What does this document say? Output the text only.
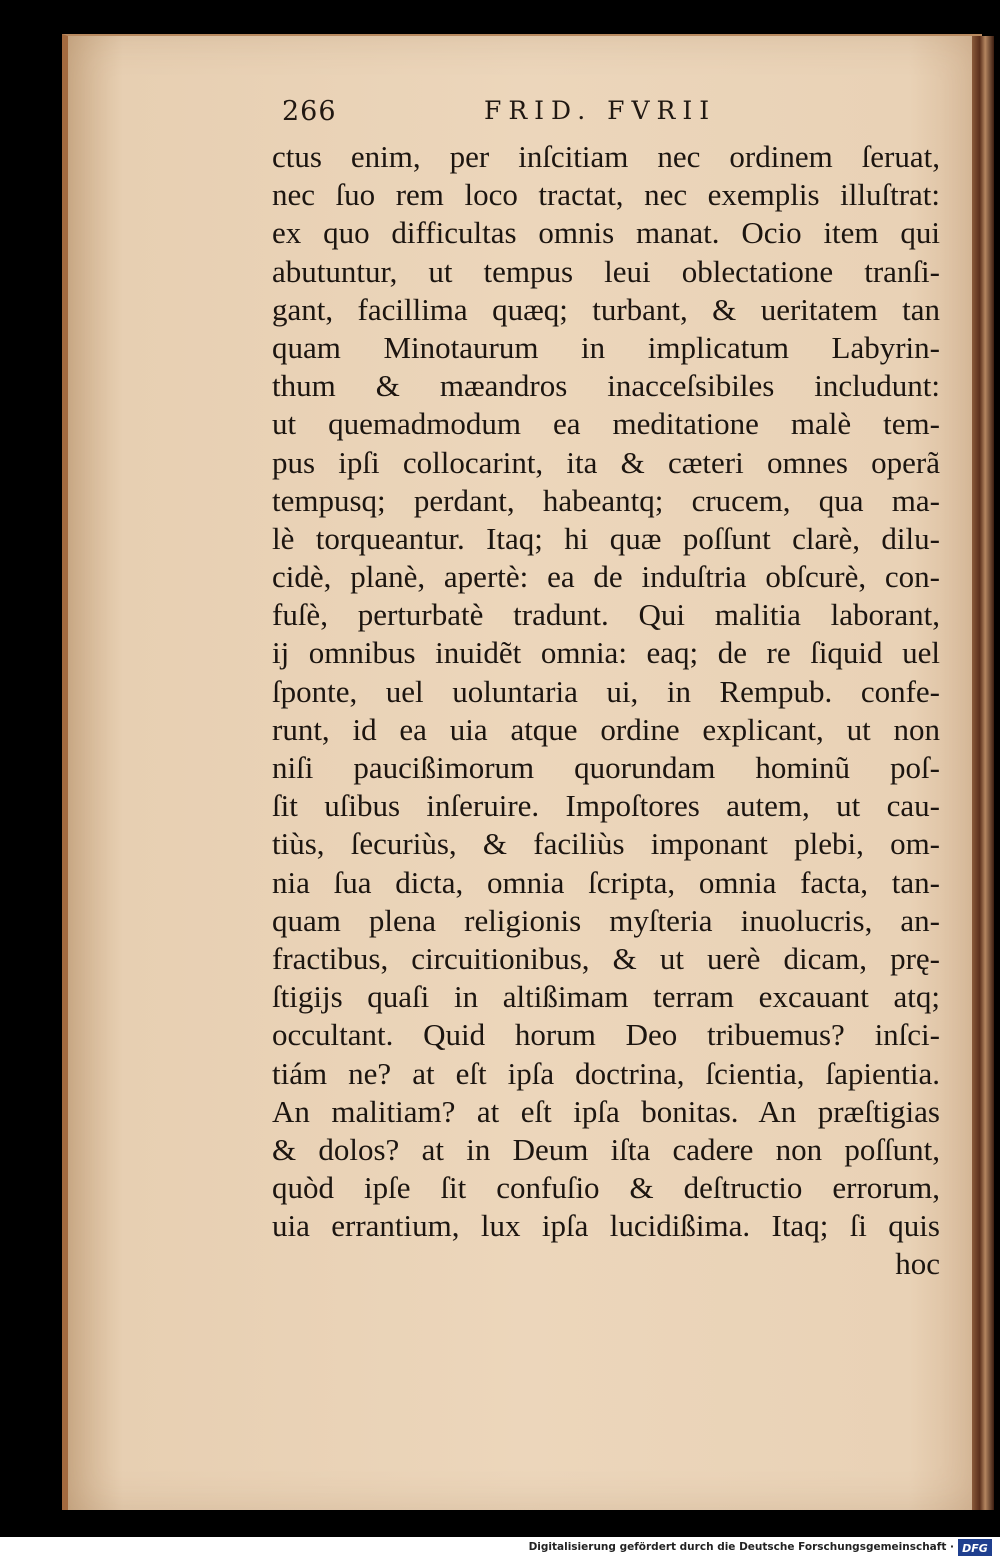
266	FRID. FVRII
ctus enim, per inſcitiam nec ordinem ſeruat,
nec ſuo rem loco tractat, nec exemplis illuſtrat:
ex quo difficultas omnis manat. Ocio item qui
abutuntur, ut tempus leui oblectatione tranſi-
gant, facillima quæq; turbant, & ueritatem tan
quam Minotaurum in implicatum Labyrin-
thum & mæandros inacceſsibiles includunt:
ut quemadmodum ea meditatione malè tem-
pus ipſi collocarint, ita & cæteri omnes operã
tempusq; perdant, habeantq; crucem, qua ma-
lè torqueantur. Itaq; hi quæ poſſunt clarè, dilu-
cidè, planè, apertè: ea de induſtria obſcurè, con-
fuſè, perturbatè tradunt. Qui malitia laborant,
ij omnibus inuidẽt omnia: eaq; de re ſiquid uel
ſponte, uel uoluntaria ui, in Rempub. confe-
runt, id ea uia atque ordine explicant, ut non
niſi paucißimorum quorundam hominũ poſ-
ſit uſibus inſeruire. Impoſtores autem, ut cau-
tiùs, ſecuriùs, & faciliùs imponant plebi, om-
nia ſua dicta, omnia ſcripta, omnia facta, tan-
quam plena religionis myſteria inuolucris, an-
fractibus, circuitionibus, & ut uerè dicam, prę-
ſtigijs quaſi in altißimam terram excauant atq;
occultant. Quid horum Deo tribuemus? inſci-
tiám ne? at eſt ipſa doctrina, ſcientia, ſapientia.
An malitiam? at eſt ipſa bonitas. An præſtigias
& dolos? at in Deum iſta cadere non poſſunt,
quòd ipſe ſit confuſio & deſtructio errorum,
uia errantium, lux ipſa lucidißima. Itaq; ſi quis
hoc
Digitalisierung gefördert durch die Deutsche Forschungsgemeinschaft · DFG
